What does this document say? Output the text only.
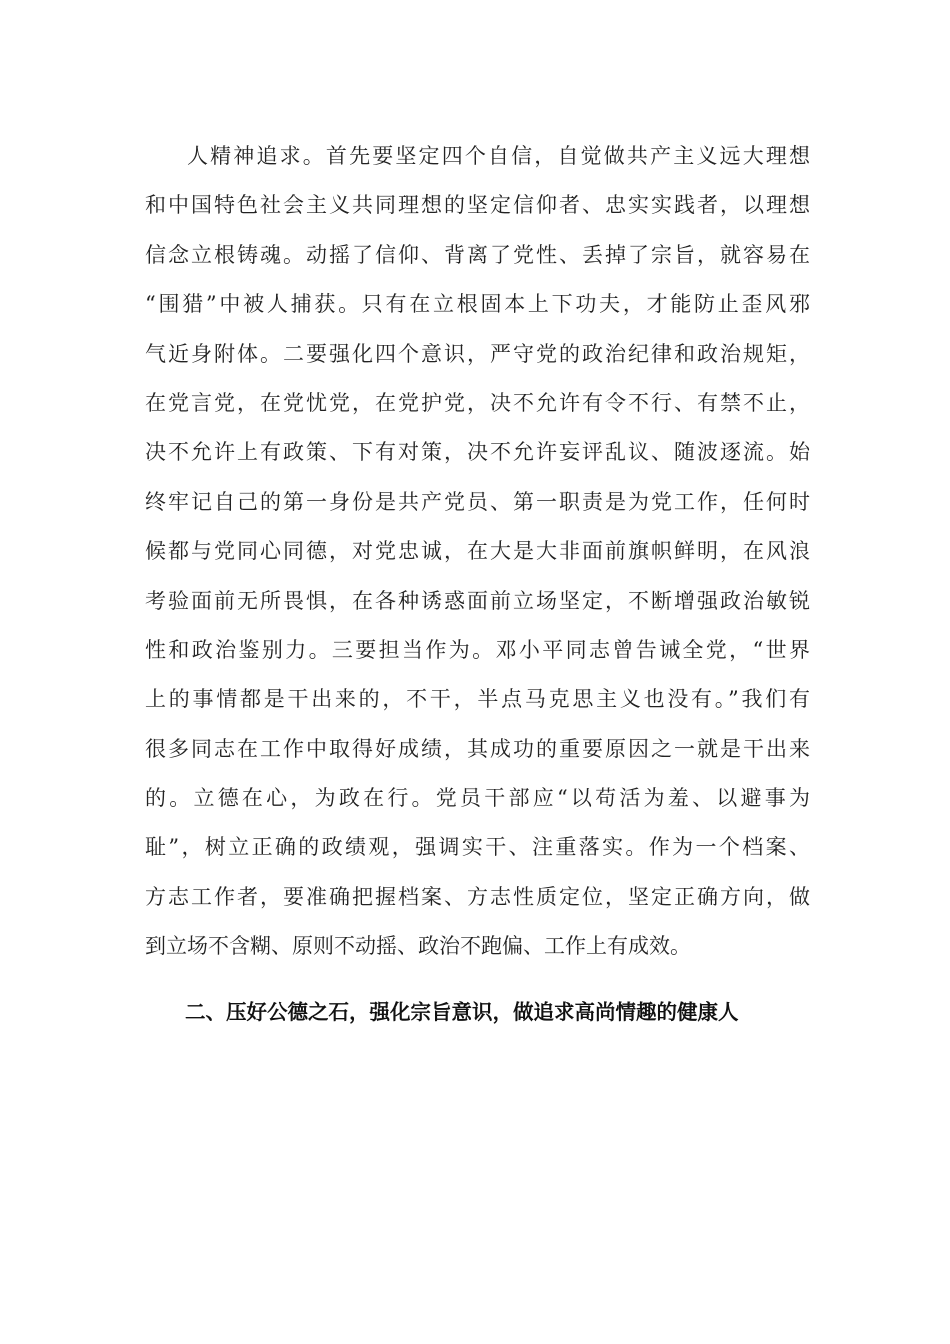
人精神追求。首先要坚定四个自信，自觉做共产主义远大理想
和中国特色社会主义共同理想的坚定信仰者、忠实实践者，以理想
信念立根铸魂。动摇了信仰、背离了党性、丢掉了宗旨，就容易在
“围猎”中被人捕获。只有在立根固本上下功夫，才能防止歪风邪
气近身附体。二要强化四个意识，严守党的政治纪律和政治规矩，
在党言党，在党忧党，在党护党，决不允许有令不行、有禁不止，
决不允许上有政策、下有对策，决不允许妄评乱议、随波逐流。始
终牢记自己的第一身份是共产党员、第一职责是为党工作，任何时
候都与党同心同德，对党忠诚，在大是大非面前旗帜鲜明，在风浪
考验面前无所畏惧，在各种诱惑面前立场坚定，不断增强政治敏锐
性和政治鉴别力。三要担当作为。邓小平同志曾告诫全党，“世界
上的事情都是干出来的，不干，半点马克思主义也没有。”我们有
很多同志在工作中取得好成绩，其成功的重要原因之一就是干出来
的。立德在心，为政在行。党员干部应“以苟活为羞、以避事为
耻”，树立正确的政绩观，强调实干、注重落实。作为一个档案、
方志工作者，要准确把握档案、方志性质定位，坚定正确方向，做
到立场不含糊、原则不动摇、政治不跑偏、工作上有成效。
二、压好公德之石，强化宗旨意识，做追求高尚情趣的健康人
